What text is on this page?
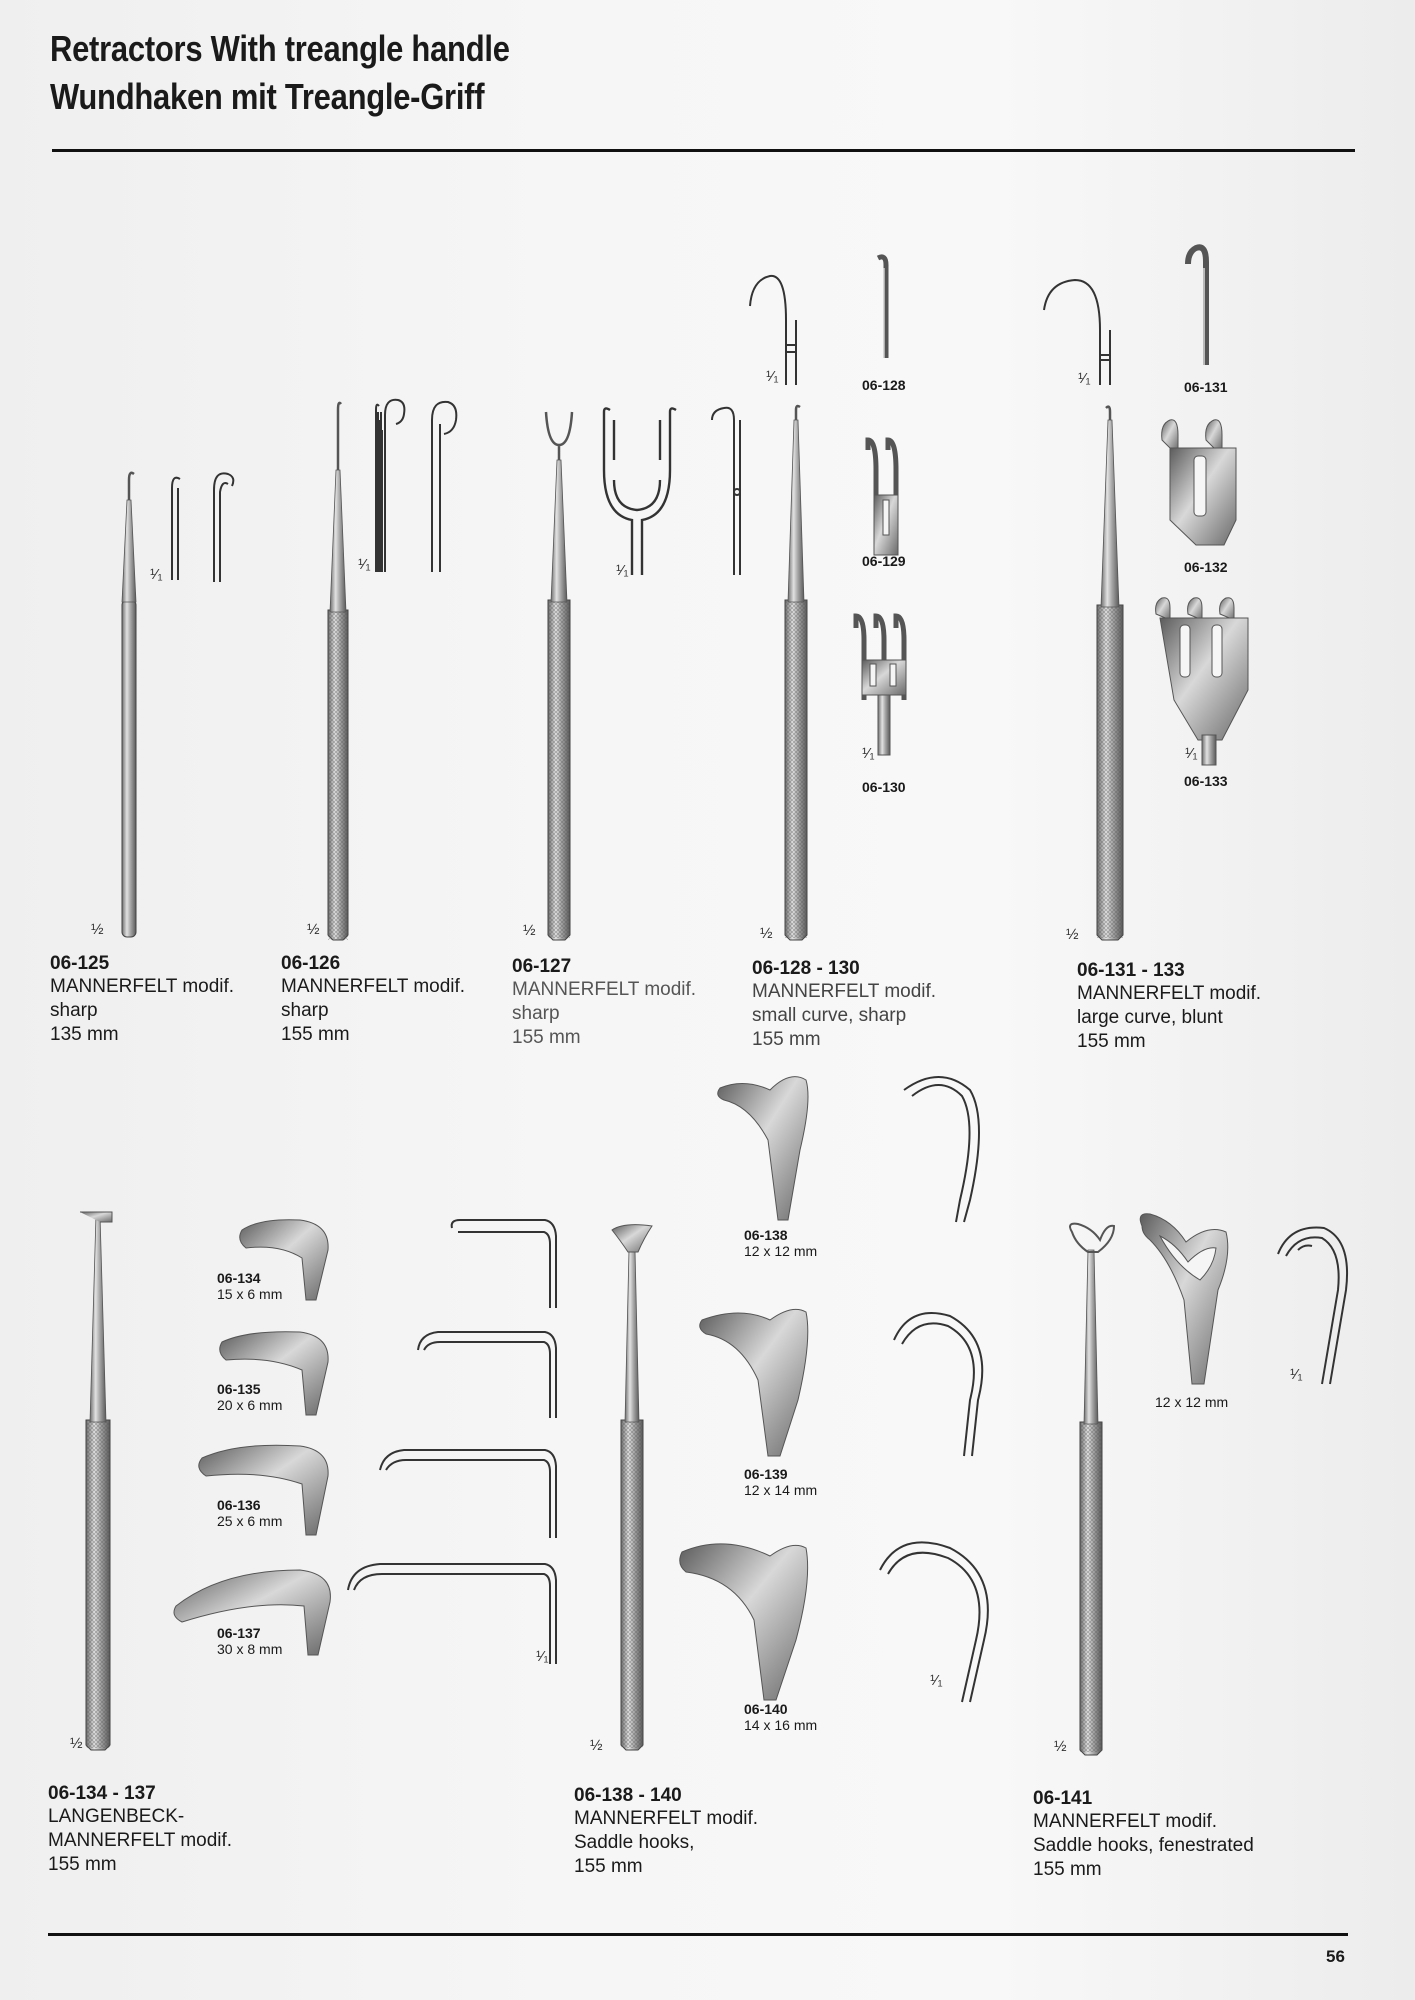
Retractors With treangle handle
Wundhaken mit Treangle-Griff
½
¹⁄₁
½
¹⁄₁
½
¹⁄₁
½
¹⁄₁
¹⁄₁
½
¹⁄₁
¹⁄₁
½
¹⁄₁
½
¹⁄₁
½
¹⁄₁
06-128
06-129
06-130
06-131
06-132
06-133
06-125
MANNERFELT modif.
sharp
135 mm
06-126
MANNERFELT modif.
sharp
155 mm
06-127
MANNERFELT modif.
sharp
155 mm
06-128 - 130
MANNERFELT modif.
small curve, sharp
155 mm
06-131 - 133
MANNERFELT modif.
large curve, blunt
155 mm
06-134
15 x 6 mm
06-135
20 x 6 mm
06-136
25 x 6 mm
06-137
30 x 8 mm
06-138
12 x 12 mm
06-139
12 x 14 mm
06-140
14 x 16 mm
12 x 12 mm
06-134 - 137
LANGENBECK-
MANNERFELT modif.
155 mm
06-138 - 140
MANNERFELT modif.
Saddle hooks,
155 mm
06-141
MANNERFELT modif.
Saddle hooks, fenestrated
155 mm
56
